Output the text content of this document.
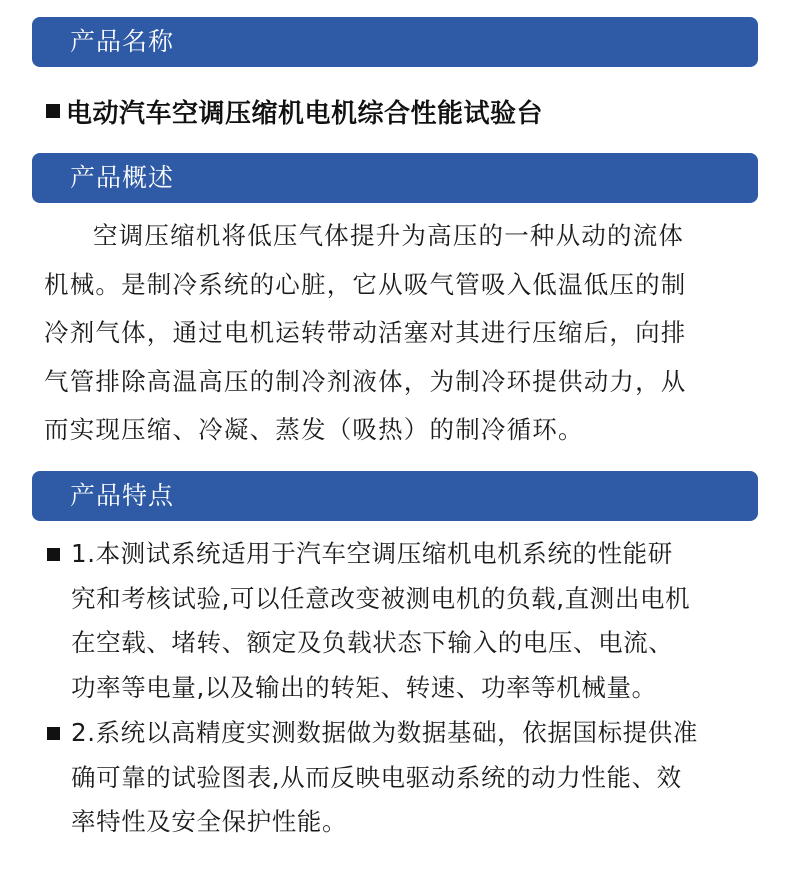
产品名称
电动汽车空调压缩机电机综合性能试验台
产品概述
空调压缩机将低压气体提升为高压的一种从动的流体
机械。是制冷系统的心脏，它从吸气管吸入低温低压的制
冷剂气体，通过电机运转带动活塞对其进行压缩后，向排
气管排除高温高压的制冷剂液体，为制冷环提供动力，从
而实现压缩、冷凝、蒸发（吸热）的制冷循环。
产品特点
1.本测试系统适用于汽车空调压缩机电机系统的性能研
究和考核试验,可以任意改变被测电机的负载,直测出电机
在空载、堵转、额定及负载状态下输入的电压、电流、
功率等电量,以及输出的转矩、转速、功率等机械量。
2.系统以高精度实测数据做为数据基础，依据国标提供准
确可靠的试验图表,从而反映电驱动系统的动力性能、效
率特性及安全保护性能。
